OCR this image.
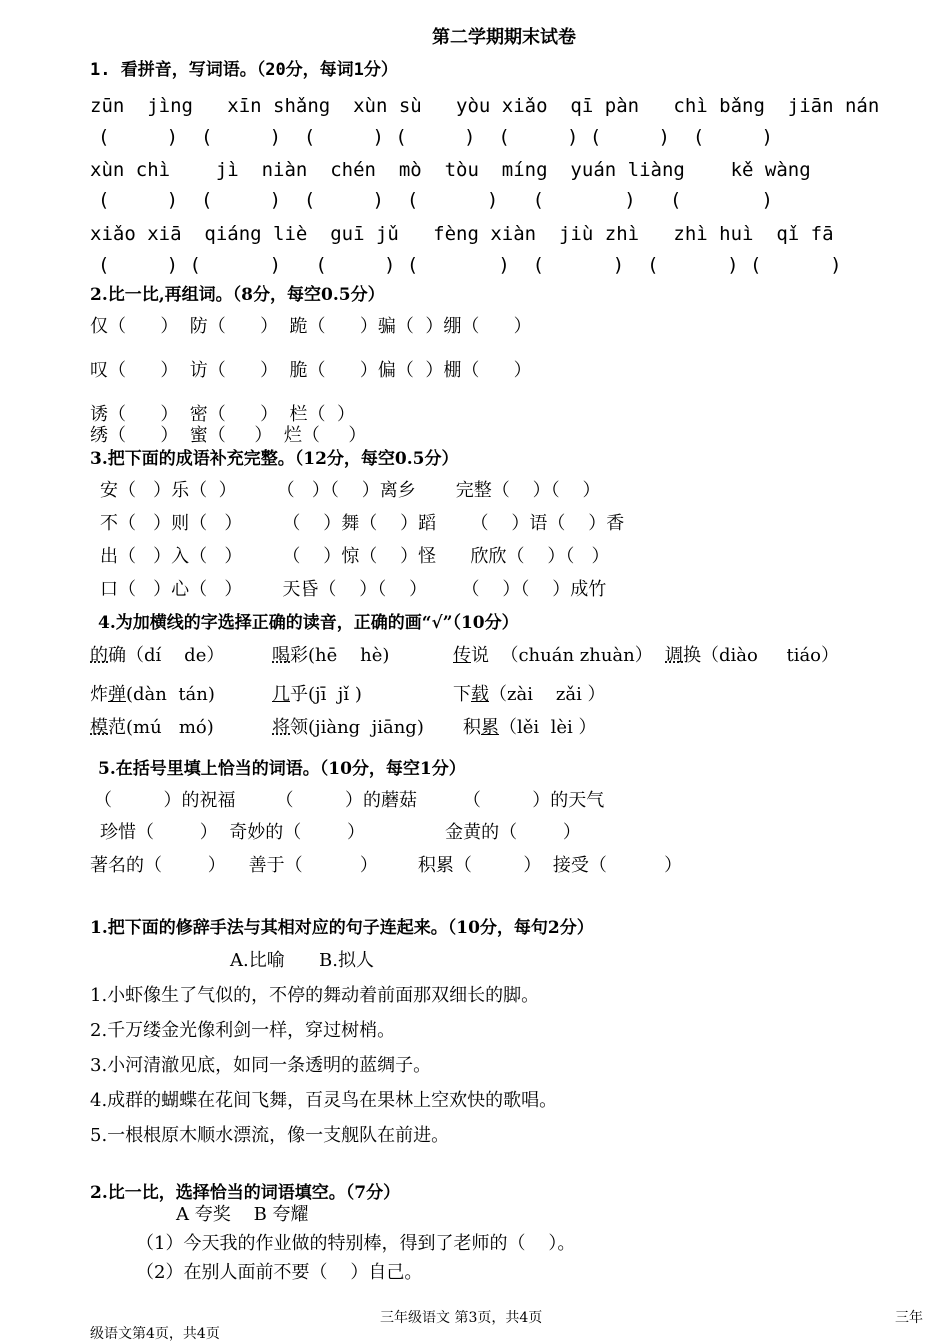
第二学期期末试卷
1. 看拼音，写词语。（20分，每词1分）
zūn  jìng   xīn shǎng  xùn sù   yòu xiǎo  qī pàn   chì bǎng  jiān nán
(     )  (     )  (     ) (     )  (     ) (     )  (     )
xùn chì    jì  niàn  chén  mò  tòu  míng  yuán liàng    kě wàng
(     )  (     )  (     )  (      )   (       )   (       )
xiǎo xiā  qiáng liè  guī jǔ   fèng xiàn  jiù zhì   zhì huì  qǐ fā
(     ) (      )   (     ) (       )  (      )  (      ) (      )
2.比一比,再组词。（8分，每空0.5分）
仅（      ）  防（      ）  跪（      ）骗（  ）绷（      ）
叹（      ）  访（      ）  脆（      ）偏（  ）棚（      ）
诱（      ）  密（      ）  栏（  ）
绣（      ）  蜜（     ）  烂（     ）
3.把下面的成语补充完整。（12分，每空0.5分）
安（   ）乐（  ）       （   ）（    ）离乡       完整（    ）（    ）
不（   ）则（   ）       （    ）舞（    ）蹈      （    ）语（    ）香
出（   ）入（   ）       （    ）惊（    ）怪      欣欣（    ）（   ）
口（   ）心（   ）       天昏（    ）（    ）      （    ）（    ）成竹
4.为加横线的字选择正确的读音，正确的画“√”（10分）
的确（dí    de）	喝彩(hē    hè)	传说  （chuán zhuàn） 调换（diào     tiáo）
炸弹(dàn  tán)	几乎(jī  jǐ )	下载（zài    zǎi ）
模范(mú   mó)	将领(jiàng  jiāng) 积累（lěi  lèi ）
5.在括号里填上恰当的词语。（10分，每空1分）
（         ）的祝福       （         ）的蘑菇        （         ）的天气
珍惜（        ）  奇妙的（        ）              金黄的（        ）
著名的（        ）    善于（          ）       积累（         ）  接受（          ）
1.把下面的修辞手法与其相对应的句子连起来。（10分，每句2分）
A.比喻      B.拟人
1.小虾像生了气似的，不停的舞动着前面那双细长的脚。
2.千万缕金光像利剑一样，穿过树梢。
3.小河清澈见底，如同一条透明的蓝绸子。
4.成群的蝴蝶在花间飞舞，百灵鸟在果林上空欢快的歌唱。
5.一根根原木顺水漂流，像一支舰队在前进。
2.比一比，选择恰当的词语填空。（7分）
A 夸奖    B 夸耀
（1）今天我的作业做的特别棒，得到了老师的（    ）。
（2）在别人面前不要（    ）自己。
三年级语文 第3页，共4页	三年
级语文第4页，共4页
